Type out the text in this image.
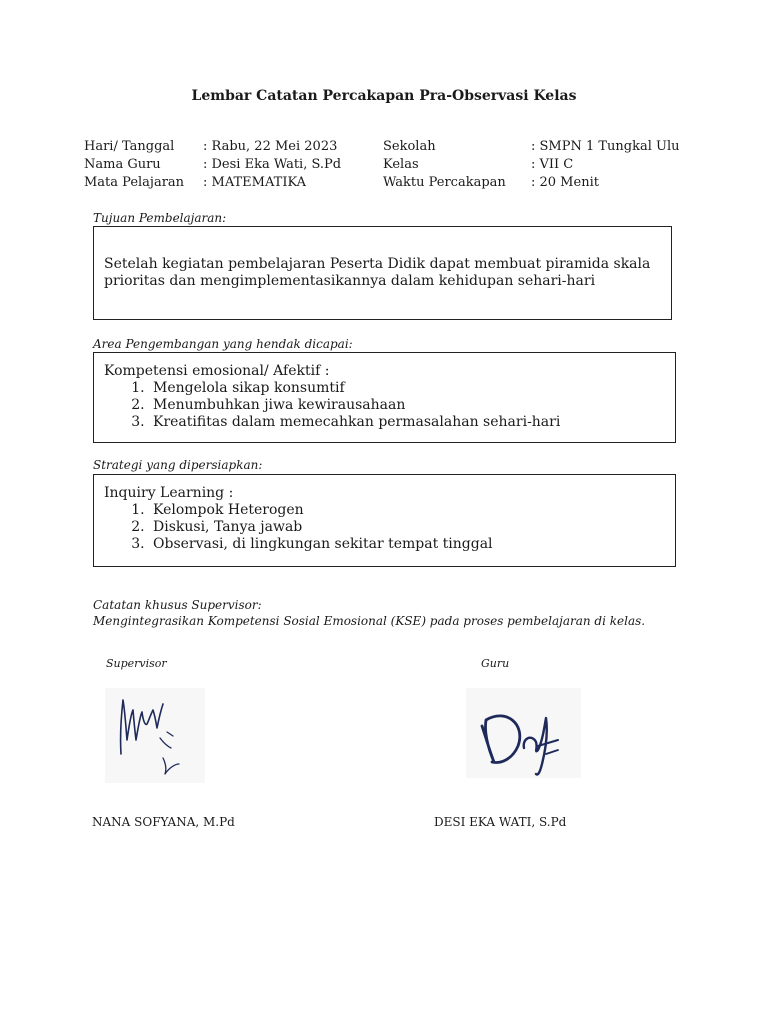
Lembar Catatan Percakapan Pra-Observasi Kelas
Hari/ Tanggal
Nama Guru
Mata Pelajaran
: Rabu, 22 Mei 2023
: Desi Eka Wati, S.Pd
: MATEMATIKA
Sekolah
Kelas
Waktu Percakapan
: SMPN 1 Tungkal Ulu
: VII C
: 20 Menit
Tujuan Pembelajaran:
Setelah kegiatan pembelajaran Peserta Didik dapat membuat piramida skala
prioritas dan mengimplementasikannya dalam kehidupan sehari-hari
Area Pengembangan yang hendak dicapai:
Kompetensi emosional/ Afektif :
1. Mengelola sikap konsumtif
2. Menumbuhkan jiwa kewirausahaan
3. Kreatifitas dalam memecahkan permasalahan sehari-hari
Strategi yang dipersiapkan:
Inquiry Learning :
1. Kelompok Heterogen
2. Diskusi, Tanya jawab
3. Observasi, di lingkungan sekitar tempat tinggal
Catatan khusus Supervisor:
Mengintegrasikan Kompetensi Sosial Emosional (KSE) pada proses pembelajaran di kelas.
Supervisor	Guru
NANA SOFYANA, M.Pd	DESI EKA WATI, S.Pd
